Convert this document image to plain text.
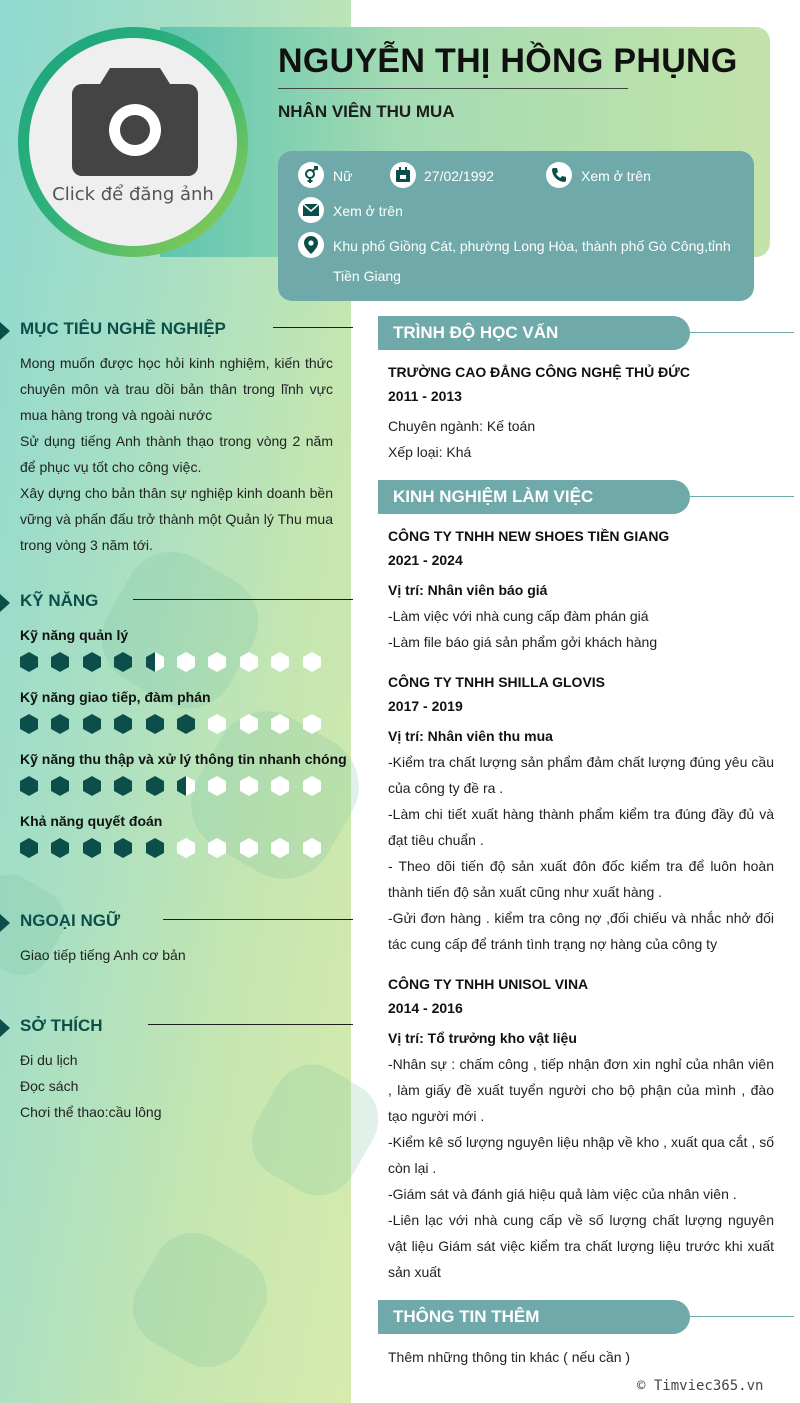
Click để đăng ảnh
NGUYỄN THỊ HỒNG PHỤNG
NHÂN VIÊN THU MUA
Nữ	27/02/1992	Xem ở trên
Xem ở trên
Khu phố Giồng Cát, phường Long Hòa, thành phố Gò Công,tỉnh
Tiền Giang
MỤC TIÊU NGHỀ NGHIỆP
Mong muốn được học hỏi kinh nghiệm, kiến thức chuyên môn và trau dồi bản thân trong lĩnh vực mua hàng trong và ngoài nước
Sử dụng tiếng Anh thành thạo trong vòng 2 năm để phục vụ tốt cho công việc.
Xây dựng cho bản thân sự nghiệp kinh doanh bền vững và phấn đấu trở thành một Quản lý Thu mua trong vòng 3 năm tới.
KỸ NĂNG
Kỹ năng quản lý
Kỹ năng giao tiếp, đàm phán
Kỹ năng thu thập và xử lý thông tin nhanh chóng
Khả năng quyết đoán
NGOẠI NGỮ
Giao tiếp tiếng Anh cơ bản
SỞ THÍCH
Đi du lịch
Đọc sách
Chơi thể thao:cầu lông
TRÌNH ĐỘ HỌC VẤN
TRƯỜNG CAO ĐẲNG CÔNG NGHỆ THỦ ĐỨC
2011 - 2013
Chuyên ngành: Kế toán
Xếp loại: Khá
KINH NGHIỆM LÀM VIỆC
CÔNG TY TNHH NEW SHOES TIỀN GIANG
2021 - 2024
Vị trí: Nhân viên báo giá
-Làm việc với nhà cung cấp đàm phán giá
-Làm file báo giá sản phẩm gởi khách hàng
CÔNG TY TNHH SHILLA GLOVIS
2017 - 2019
Vị trí: Nhân viên thu mua
-Kiểm tra chất lượng sản phẩm đảm chất lượng đúng yêu cầu của công ty đề ra .
-Làm chi tiết xuất hàng thành phẩm kiểm tra đúng đầy đủ và đạt tiêu chuẩn .
- Theo dõi tiến độ sản xuất đôn đốc kiểm tra để luôn hoàn thành tiến độ sản xuất cũng như xuất hàng .
-Gửi đơn hàng . kiểm tra công nợ ,đối chiếu và nhắc nhở đối tác cung cấp để tránh tình trạng nợ hàng của công ty
CÔNG TY TNHH UNISOL VINA
2014 - 2016
Vị trí: Tổ trưởng kho vật liệu
-Nhân sự : chấm công , tiếp nhận đơn xin nghỉ của nhân viên , làm giấy đề xuất tuyển người cho bộ phận của mình , đào tạo người mới .
-Kiểm kê số lượng nguyên liệu nhập về kho , xuất qua cắt , số còn lại .
-Giám sát và đánh giá hiệu quả làm việc của nhân viên .
-Liên lạc với nhà cung cấp về số lượng chất lượng nguyên vật liệu Giám sát việc kiểm tra chất lượng liệu trước khi xuất sản xuất
THÔNG TIN THÊM
Thêm những thông tin khác ( nếu cần )
© Timviec365.vn
